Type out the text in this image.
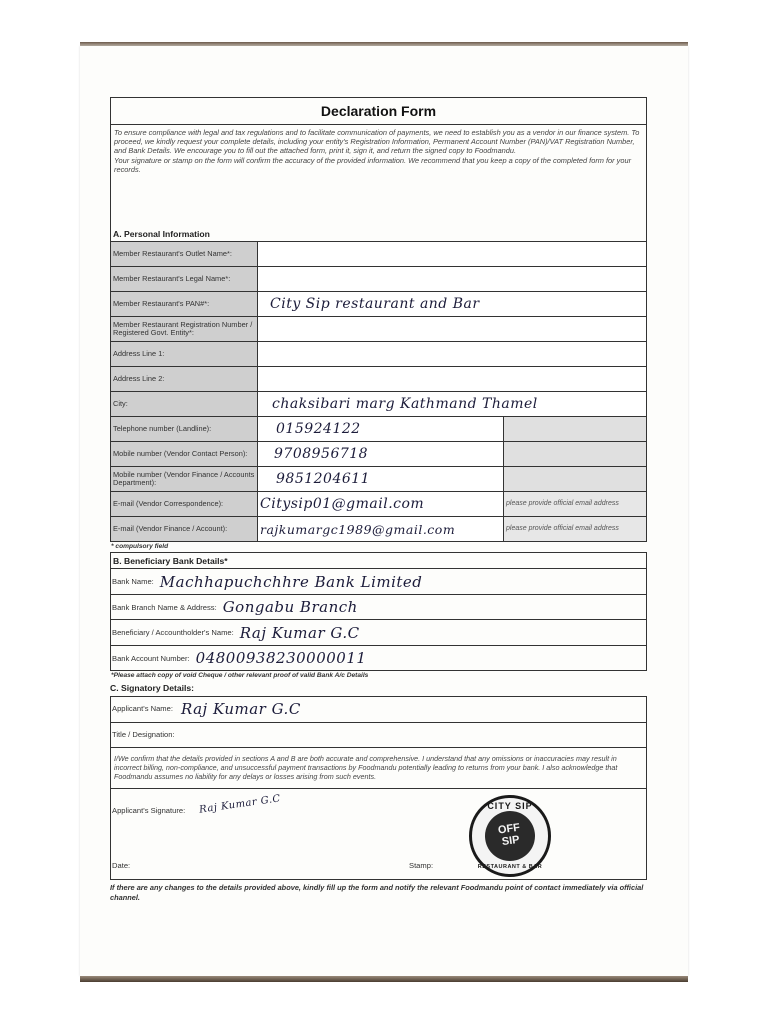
Declaration Form

To ensure compliance with legal and tax regulations and to facilitate communication of payments, we need to establish you as a vendor in our finance system. To proceed, we kindly request your complete details, including your entity's Registration Information, Permanent Account Number (PAN)/VAT Registration Number, and Bank Details. We encourage you to fill out the attached form, print it, sign it, and return the signed copy to Foodmandu.

Your signature or stamp on the form will confirm the accuracy of the provided information. We recommend that you keep a copy of the completed form for your records.

A. Personal Information
Member Restaurant's Outlet Name*:	
Member Restaurant's Legal Name*:	
Member Restaurant's PAN#*:	City Sip restaurant and Bar
Member Restaurant Registration Number / Registered Govt. Entity*:	
Address Line 1:	
Address Line 2:	
City:	chaksibari marg Kathmand Thamel
Telephone number (Landline):	015924122	
Mobile number (Vendor Contact Person):	9708956718	
Mobile number (Vendor Finance / Accounts Department):	9851204611	
E-mail (Vendor Correspondence):	Citysip01@gmail.com	please provide official email address
E-mail (Vendor Finance / Account):	rajkumargc1989@gmail.com	please provide official email address
* compulsory field
B. Beneficiary Bank Details*
Bank Name: Machhapuchchhre Bank Limited
Bank Branch Name & Address: Gongabu Branch
Beneficiary / Accountholder's Name: Raj Kumar G.C
Bank Account Number: 04800938230000011
*Please attach copy of void Cheque / other relevant proof of valid Bank A/c Details
C. Signatory Details:
Applicant's Name: Raj Kumar G.C
Title / Designation:
I/We confirm that the details provided in sections A and B are both accurate and comprehensive. I understand that any omissions or inaccuracies may result in incorrect billing, non-compliance, and unsuccessful payment transactions by Foodmandu potentially leading to returns from your bank. I also acknowledge that Foodmandu assumes no liability for any delays or losses arising from such events.
Applicant's Signature: Raj Kumar G.C
Date:	Stamp:
CITY SIP
OFF
SIP
RESTAURANT & BAR
If there are any changes to the details provided above, kindly fill up the form and notify the relevant Foodmandu point of contact immediately via official channel.
